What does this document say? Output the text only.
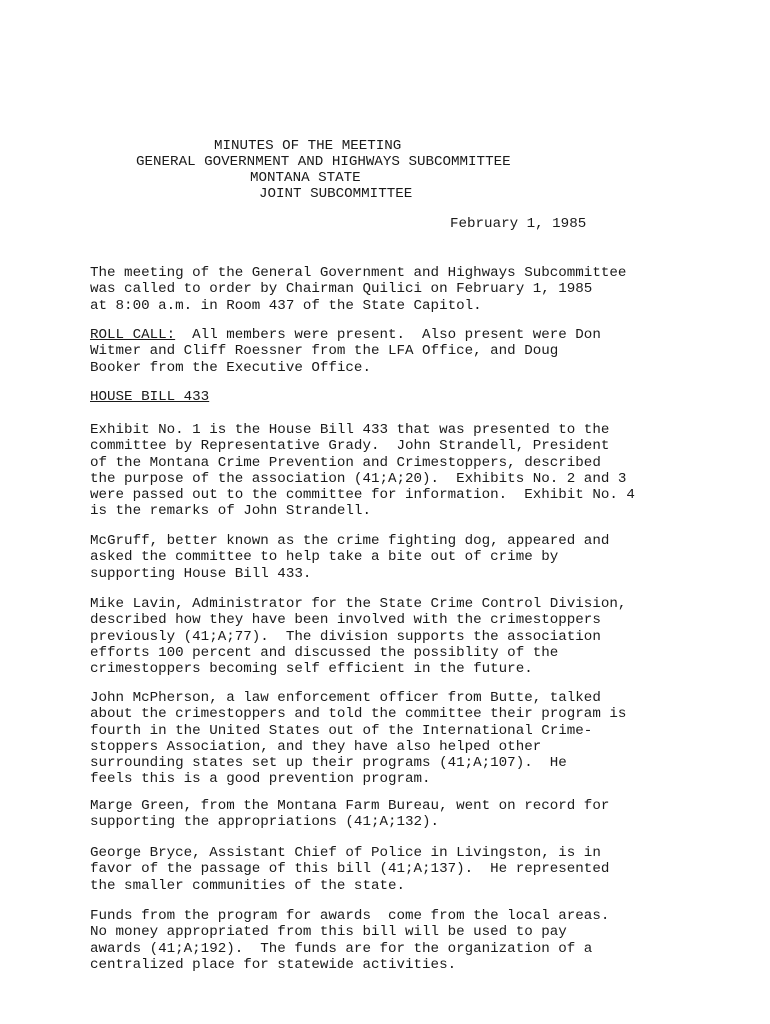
MINUTES OF THE MEETING
GENERAL GOVERNMENT AND HIGHWAYS SUBCOMMITTEE
MONTANA STATE
JOINT SUBCOMMITTEE
February 1, 1985
The meeting of the General Government and Highways Subcommittee
was called to order by Chairman Quilici on February 1, 1985
at 8:00 a.m. in Room 437 of the State Capitol.
ROLL CALL:  All members were present.  Also present were Don
Witmer and Cliff Roessner from the LFA Office, and Doug
Booker from the Executive Office.
HOUSE BILL 433
Exhibit No. 1 is the House Bill 433 that was presented to the
committee by Representative Grady.  John Strandell, President
of the Montana Crime Prevention and Crimestoppers, described
the purpose of the association (41;A;20).  Exhibits No. 2 and 3
were passed out to the committee for information.  Exhibit No. 4
is the remarks of John Strandell.
McGruff, better known as the crime fighting dog, appeared and
asked the committee to help take a bite out of crime by
supporting House Bill 433.
Mike Lavin, Administrator for the State Crime Control Division,
described how they have been involved with the crimestoppers
previously (41;A;77).  The division supports the association
efforts 100 percent and discussed the possiblity of the
crimestoppers becoming self efficient in the future.
John McPherson, a law enforcement officer from Butte, talked
about the crimestoppers and told the committee their program is
fourth in the United States out of the International Crime-
stoppers Association, and they have also helped other
surrounding states set up their programs (41;A;107).  He
feels this is a good prevention program.
Marge Green, from the Montana Farm Bureau, went on record for
supporting the appropriations (41;A;132).
George Bryce, Assistant Chief of Police in Livingston, is in
favor of the passage of this bill (41;A;137).  He represented
the smaller communities of the state.
Funds from the program for awards  come from the local areas.
No money appropriated from this bill will be used to pay
awards (41;A;192).  The funds are for the organization of a
centralized place for statewide activities.
